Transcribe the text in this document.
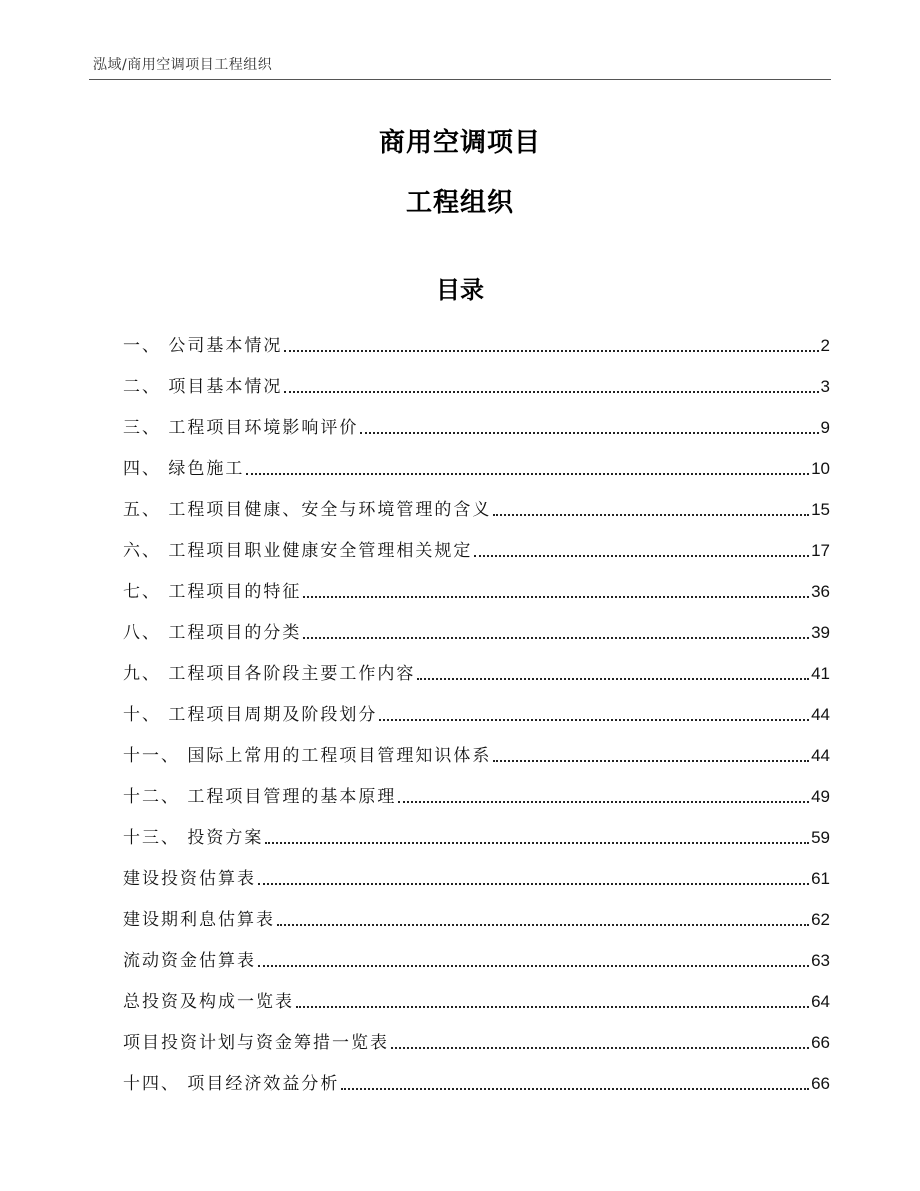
泓域/商用空调项目工程组织
商用空调项目
工程组织
目录
一、 公司基本情况	2
二、 项目基本情况	3
三、 工程项目环境影响评价	9
四、 绿色施工	10
五、 工程项目健康、安全与环境管理的含义	15
六、 工程项目职业健康安全管理相关规定	17
七、 工程项目的特征	36
八、 工程项目的分类	39
九、 工程项目各阶段主要工作内容	41
十、 工程项目周期及阶段划分	44
十一、 国际上常用的工程项目管理知识体系	44
十二、 工程项目管理的基本原理	49
十三、 投资方案	59
建设投资估算表	61
建设期利息估算表	62
流动资金估算表	63
总投资及构成一览表	64
项目投资计划与资金筹措一览表	66
十四、 项目经济效益分析	66
